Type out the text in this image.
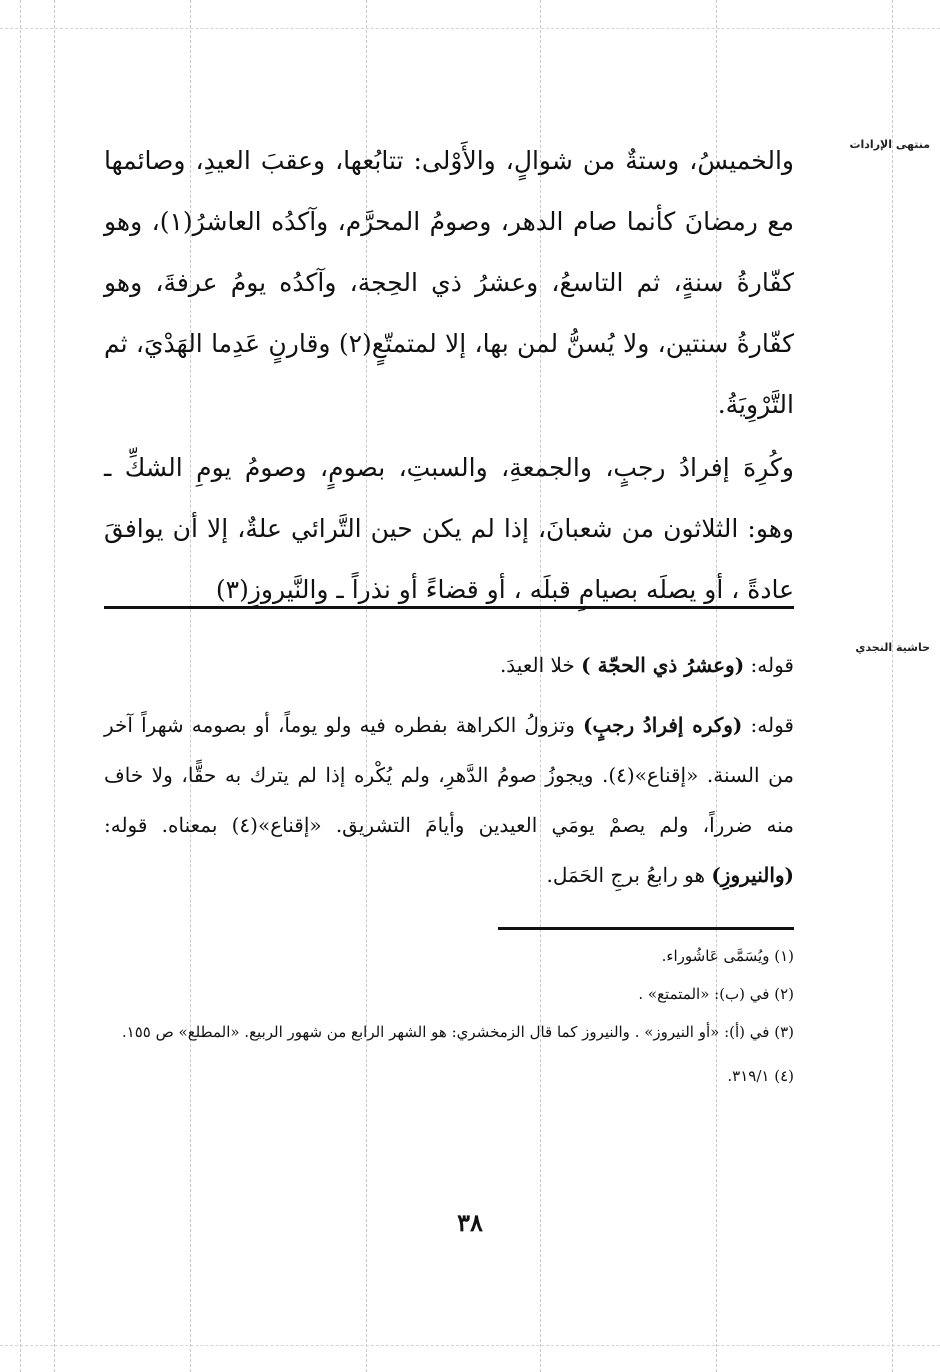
منتهى الإرادات
حاشية النجدي

والخميسُ، وستةٌ من شوالٍ، والأَوْلى: تتابُعها، وعقبَ العيدِ، وصائمها مع رمضانَ كأنما صام الدهر، وصومُ المحرَّم، وآكدُه العاشرُ(١)، وهو كفّارةُ سنةٍ، ثم التاسعُ، وعشرُ ذي الحِجة، وآكدُه يومُ عرفةَ، وهو كفّارةُ سنتين، ولا يُسنُّ لمن بها، إلا لمتمتّعٍ(٢) وقارنٍ عَدِما الهَدْيَ، ثم التَّرْوِيَةُ.

وكُرِهَ إفرادُ رجبٍ، والجمعةِ، والسبتِ، بصومٍ، وصومُ يومِ الشكِّ ـ وهو: الثلاثون من شعبانَ، إذا لم يكن حين التَّرائي علةٌ، إلا أن يوافقَ عادةً ، أو يصلَه بصيامٍ قبلَه ، أو قضاءً أو نذراً ـ والنَّيروزِ(٣)

قوله: (وعشرُ ذي الحجّة ) خلا العيدَ.

قوله: (وكره إفرادُ رجبٍ) وتزولُ الكراهة بفطره فيه ولو يوماً، أو بصومه شهراً آخر من السنة. «إقناع»(٤). ويجوزُ صومُ الدَّهرِ، ولم يُكْره إذا لم يترك به حقًّا، ولا خاف منه ضرراً، ولم يصمْ يومَي العيدين وأيامَ التشريق. «إقناع»(٤) بمعناه. قوله: (والنيروزِ) هو رابعُ برجِ الحَمَل.

(١) ويُسَمَّى عَاشُوراء.

(٢) في (ب): «المتمتع» .

(٣) في (أ): «أو النيروز» . والنيروز كما قال الزمخشري: هو الشهر الرابع من شهور الربيع. «المطلع» ص ١٥٥.

(٤) ٣١٩/١.

٣٨
